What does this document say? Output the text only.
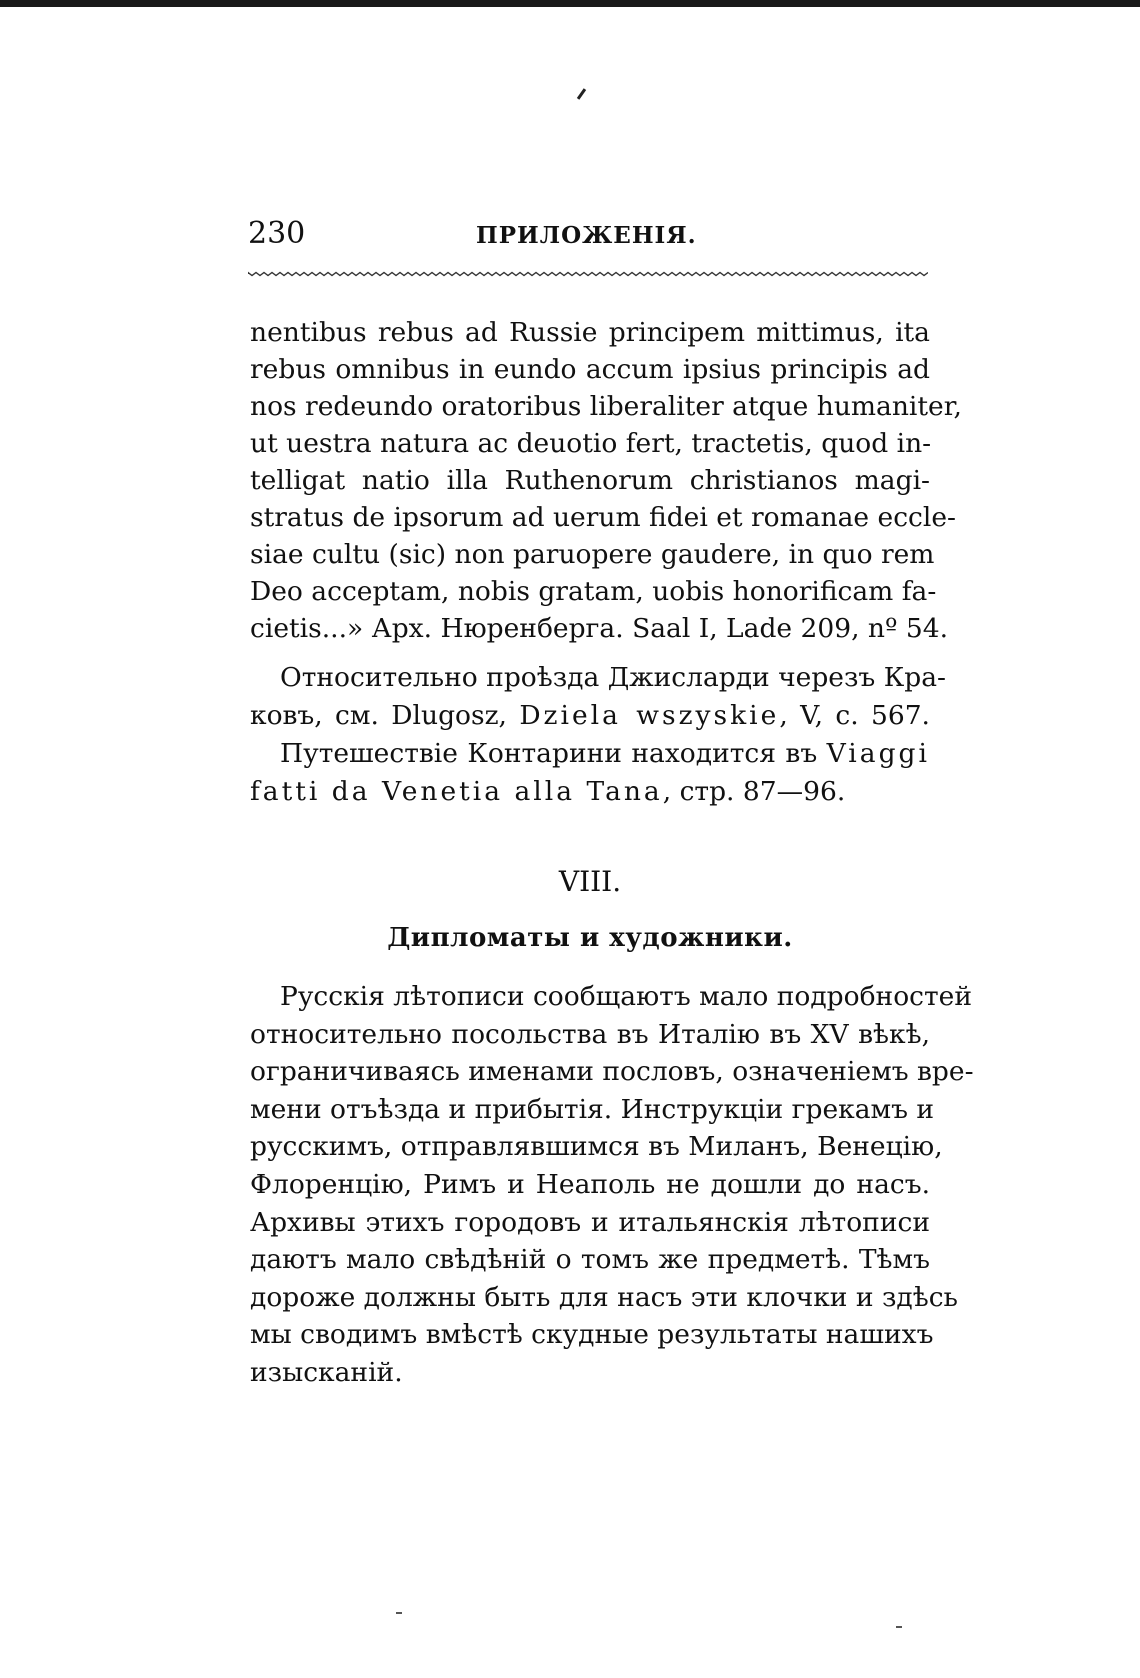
230	ПРИЛОЖЕНІЯ.
nentibus rebus ad Russie principem mittimus, ita
rebus omnibus in eundo accum ipsius principis ad
nos redeundo oratoribus liberaliter atque humaniter,
ut uestra natura ac deuotio fert, tractetis, quod in-
telligat natio illa Ruthenorum christianos magi-
stratus de ipsorum ad uerum fidei et romanae eccle-
siae cultu (sic) non paruopere gaudere, in quo rem
Deo acceptam, nobis gratam, uobis honorificam fa-
cietis...» Арх. Нюренберга. Saal I, Lade 209, nº 54.
Относительно проѣзда Джисларди черезъ Кра-
ковъ, см. Dlugosz, Dziela wszyskie, V, с. 567.
Путешествіе Контарини находится въ Viaggi
fatti da Venetia alla Tana, стр. 87—96.
VIII.
Дипломаты и художники.
Русскія лѣтописи сообщаютъ мало подробностей
относительно посольства въ Италію въ XV вѣкѣ,
ограничиваясь именами пословъ, означеніемъ вре-
мени отъѣзда и прибытія. Инструкціи грекамъ и
русскимъ, отправлявшимся въ Миланъ, Венецію,
Флоренцію, Римъ и Неаполь не дошли до насъ.
Архивы этихъ городовъ и итальянскія лѣтописи
даютъ мало свѣдѣній о томъ же предметѣ. Тѣмъ
дороже должны быть для насъ эти клочки и здѣсь
мы сводимъ вмѣстѣ скудные результаты нашихъ
изысканій.
